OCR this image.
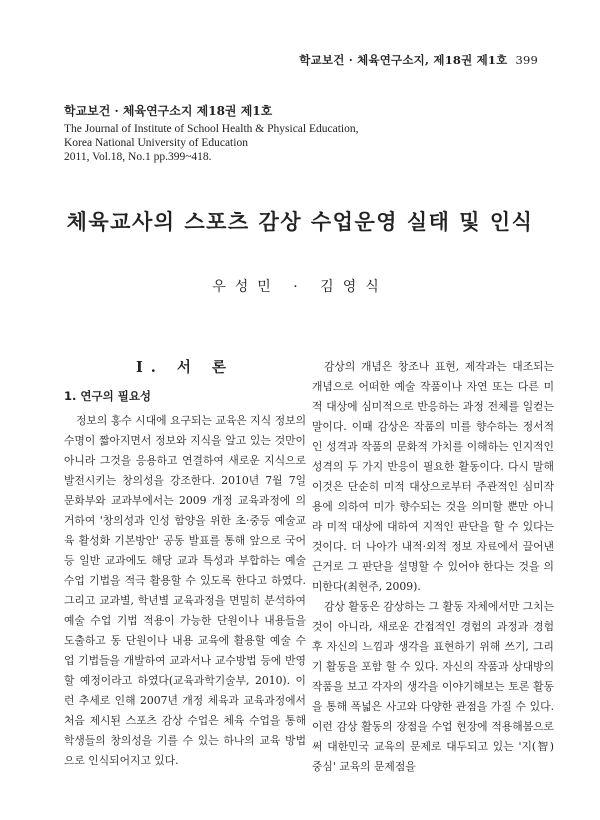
학교보건 · 체육연구소지, 제18권 제1호 399

학교보건 · 체육연구소지 제18권 제1호

The Journal of Institute of School Health & Physical Education,

Korea National University of Education

2011, Vol.18, No.1 pp.399~418.

체육교사의 스포츠 감상 수업운영 실태 및 인식

우성민 · 김영식

Ⅰ. 서 론
1. 연구의 필요성

정보의 홍수 시대에 요구되는 교육은 지식 정보의 수명이 짧아지면서 정보와 지식을 알고 있는 것만이 아니라 그것을 응용하고 연결하여 새로운 지식으로 발전시키는 창의성을 강조한다. 2010년 7월 7일 문화부와 교과부에서는 2009 개정 교육과정에 의거하여 '창의성과 인성 함양을 위한 초·중등 예술교육 활성화 기본방안' 공동 발표를 통해 앞으로 국어 등 일반 교과에도 해당 교과 특성과 부합하는 예술 수업 기법을 적극 활용할 수 있도록 한다고 하였다. 그리고 교과별, 학년별 교육과정을 면밀히 분석하여 예술 수업 기법 적용이 가능한 단원이나 내용들을 도출하고 동 단원이나 내용 교육에 활용할 예술 수업 기법들을 개발하여 교과서나 교수방법 등에 반영할 예정이라고 하였다(교육과학기술부, 2010). 이런 추세로 인해 2007년 개정 체육과 교육과정에서 처음 제시된 스포츠 감상 수업은 체육 수업을 통해 학생들의 창의성을 기를 수 있는 하나의 교육 방법으로 인식되어지고 있다.

감상의 개념은 창조나 표현, 제작과는 대조되는 개념으로 어떠한 예술 작품이나 자연 또는 다른 미적 대상에 심미적으로 반응하는 과정 전체를 일컫는 말이다. 이때 감상은 작품의 미를 향수하는 정서적인 성격과 작품의 문화적 가치를 이해하는 인지적인 성격의 두 가지 반응이 필요한 활동이다. 다시 말해 이것은 단순히 미적 대상으로부터 주관적인 심미작용에 의하여 미가 향수되는 것을 의미할 뿐만 아니라 미적 대상에 대하여 지적인 판단을 할 수 있다는 것이다. 더 나아가 내적·외적 정보 자료에서 끌어낸 근거로 그 판단을 설명할 수 있어야 한다는 것을 의미한다(최현주, 2009).

감상 활동은 감상하는 그 활동 자체에서만 그치는 것이 아니라, 새로운 간접적인 경험의 과정과 경험 후 자신의 느낌과 생각을 표현하기 위해 쓰기, 그리기 활동을 포함 할 수 있다. 자신의 작품과 상대방의 작품을 보고 각자의 생각을 이야기해보는 토론 활동을 통해 폭넓은 사고와 다양한 관점을 가질 수 있다. 이런 감상 활동의 장점을 수업 현장에 적용해봄으로써 대한민국 교육의 문제로 대두되고 있는 '지(智) 중심' 교육의 문제점을
